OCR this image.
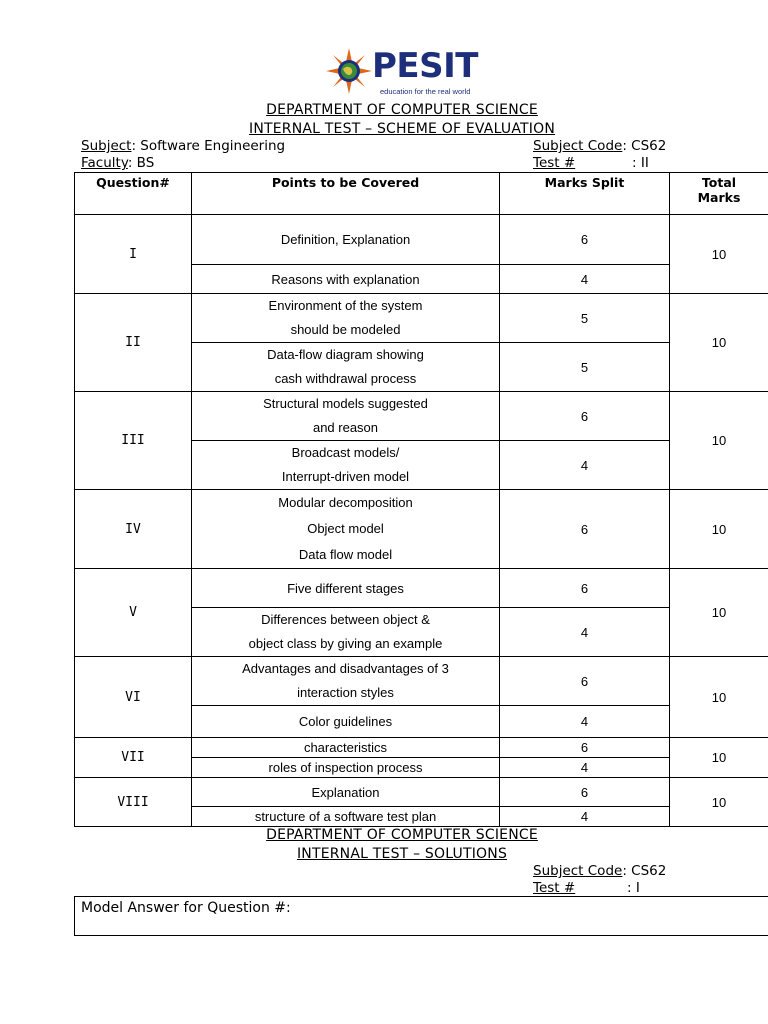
PESIT
education for the real world
DEPARTMENT OF COMPUTER SCIENCE
INTERNAL TEST – SCHEME OF EVALUATION
Subject: Software Engineering
Faculty: BS
Subject Code: CS62
Test #	: II
Question#	Points to be Covered	Marks Split	Total
Marks

I	Definition, Explanation	6	10

	Reasons with explanation	4	
II	Environment of the system
should be modeled	5	10

	Data-flow diagram showing
cash withdrawal process	5	
III	Structural models suggested
and reason	6	10

	Broadcast models/
Interrupt-driven model	4	
IV	Modular decomposition
Object model
Data flow model	6	10
V	Five different stages	6	10

	Differences between object &
object class by giving an example	4	
VI	Advantages and disadvantages of 3
interaction styles	6	10

	Color guidelines	4	
VII	characteristics	6	10

	roles of inspection process	4	
VIII	Explanation	6	10

	structure of a software test plan	4	
DEPARTMENT OF COMPUTER SCIENCE
INTERNAL TEST – SOLUTIONS
Subject Code: CS62
Test #	: I
Model Answer for Question #:
